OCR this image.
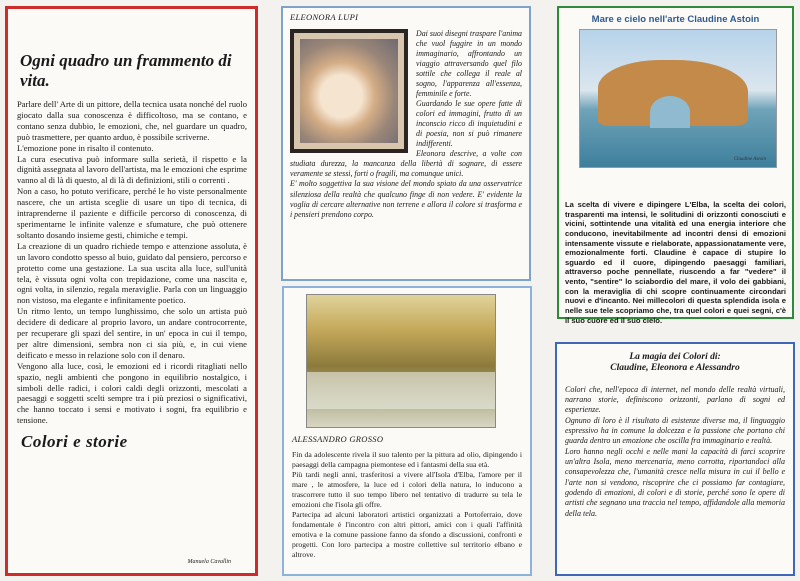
Ogni quadro un frammento di vita.

Parlare dell' Arte di un pittore, della tecnica usata nonché del ruolo giocato dalla sua conoscenza è difficoltoso, ma se contano, e contano senza dubbio, le emozioni, che, nel guardare un quadro, può trasmettere, per quanto arduo, è possibile scriverne.

L'emozione pone in risalto il contenuto.

La cura esecutiva può informare sulla serietà, il rispetto e la dignità assegnata al lavoro dell'artista, ma le emozioni che esprime vanno al di là di questo, al di là di definizioni, stili o correnti .

Non a caso, ho potuto verificare, perché le ho viste personalmente nascere, che un artista sceglie di usare un tipo di tecnica, di intraprenderne il paziente e difficile percorso di conoscenza, di sperimentarne le infinite valenze e sfumature, che può ottenere soltanto dosando insieme gesti, chimiche e tempi.

La creazione di un quadro richiede tempo e attenzione assoluta, è un lavoro condotto spesso al buio, guidato dal pensiero, percorso e protetto come una gestazione. La sua uscita alla luce, sull'unità tela, è vissuta ogni volta con trepidazione, come una nascita e, ogni volta, in silenzio, regala meraviglie. Parla con un linguaggio non vistoso, ma elegante e infinitamente poetico.

Un ritmo lento, un tempo lunghissimo, che solo un artista può decidere di dedicare al proprio lavoro, un andare controcorrente, per recuperare gli spazi del sentire, in un' epoca in cui il tempo, per altre dimensioni, sembra non ci sia più, e, in cui viene deificato e messo in relazione solo con il denaro.

Vengono alla luce, così, le emozioni ed i ricordi ritagliati nello spazio, negli ambienti che pongono in equilibrio nostalgico, i simboli delle radici, i colori caldi degli orizzonti, mescolati a paesaggi e soggetti scelti sempre tra i più preziosi o significativi, che hanno toccato i sensi e motivato i sogni, fra equilibrio e tensione.

Colori e storie
Manuela Cavallin
ELEONORA LUPI

Dai suoi disegni traspare l'anima che vuol fuggire in un mondo immaginario, affrontando un viaggio attraversando quel filo sottile che collega il reale al sogno, l'apparenza all'essenza, femminile e forte.

Guardando le sue opere fatte di colori ed immagini, frutto di un inconscio ricco di inquietudini e di poesia, non si può rimanere indifferenti.

Eleonora descrive, a volte con studiata durezza, la mancanza della libertà di sognare, di essere veramente se stessi, forti o fragili, ma comunque unici.

E' molto soggettiva la sua visione del mondo spiato da una osservatrice silenziosa della realtà che qualcuno finge di non vedere. E' evidente la voglia di cercare alternative non terrene e allora il colore si trasforma e i pensieri prendono corpo.

ALESSANDRO GROSSO

Fin da adolescente rivela il suo talento per la pittura ad olio, dipingendo i paesaggi della campagna piemontese ed i fantasmi della sua età.

Più tardi negli anni, trasferitosi a vivere all'Isola d'Elba, l'amore per il mare , le atmosfere, la luce ed i colori della natura, lo inducono a trascorrere tutto il suo tempo libero nel tentativo di tradurre su tela le emozioni che l'isola gli offre.

Partecipa ad alcuni laboratori artistici organizzati a Portoferraio, dove fondamentale è l'incontro con altri pittori, amici con i quali l'affinità emotiva e la comune passione fanno da sfondo a discussioni, confronti e progetti. Con loro partecipa a mostre collettive sul territorio elbano e altrove.

Mare e cielo nell'arte Claudine Astoin
Claudine Astoin
La scelta di vivere e dipingere L'Elba, la scelta dei colori, trasparenti ma intensi, le solitudini di orizzonti conosciuti e vicini, sottintende una vitalità ed una energia interiore che conducono, inevitabilmente ad incontri densi di emozioni intensamente vissute e rielaborate, appassionatamente vere, emozionalmente forti. Claudine è capace di stupire lo sguardo ed il cuore, dipingendo paesaggi familiari, attraverso poche pennellate, riuscendo a far "vedere" il vento, "sentire" lo sciabordio del mare, il volo dei gabbiani, con la meraviglia di chi scopre continuamente circondari nuovi e d'incanto. Nei millecolori di questa splendida isola e nelle sue tele scopriamo che, tra quel colori e quei segni, c'è il suo cuore ed il suo cielo.
La magia dei Colori di:
Claudine, Eleonora e Alessandro

Colori che, nell'epoca di internet, nel mondo delle realtà virtuali, narrano storie, definiscono orizzonti, parlano di sogni ed esperienze.

Ognuno di loro è il risultato di esistenze diverse ma, il linguaggio espressivo ha in comune la dolcezza e la passione che portano chi guarda dentro un emozione che oscilla fra immaginario e realtà.

Loro hanno negli occhi e nelle mani la capacità di farci scoprire un'altra Isola, meno mercenaria, meno corrotta, riportandoci alla consapevolezza che, l'umanità cresce nella misura in cui il bello e l'arte non si vendono, riscoprire che ci possiamo far contagiare, godendo di emozioni, di colori e di storie, perché sono le opere di artisti che segnano una traccia nel tempo, affidandole alla memoria della tela.
